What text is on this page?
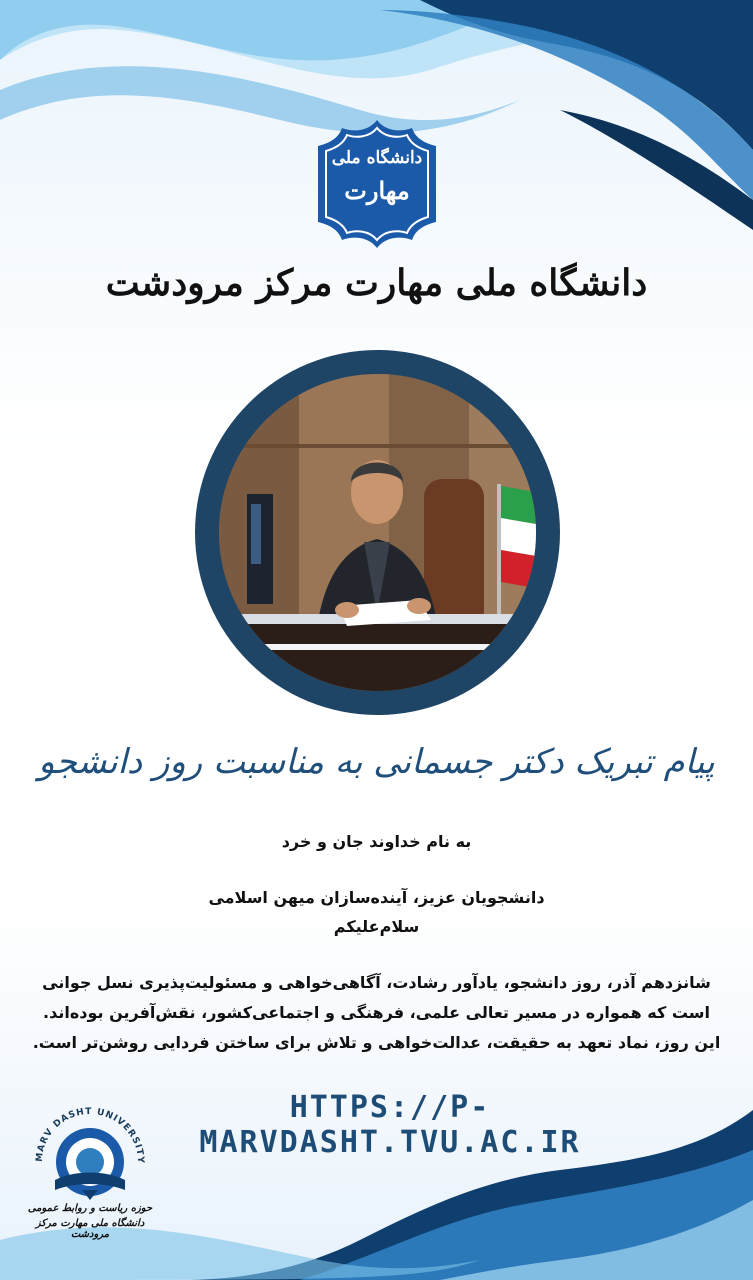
دانشگاه ملی
مهارت
دانشگاه ملی مهارت مرکز مرودشت
پیام تبریک دکتر جسمانی به مناسبت روز دانشجو
به نام خداوند جان و خرد
دانشجویان عزیز، آینده‌سازان میهن اسلامی
سلام‌علیکم
شانزدهم آذر، روز دانشجو، یادآور رشادت، آگاهی‌خواهی و مسئولیت‌پذیری نسل جوانی است که همواره در مسیر تعالی علمی، فرهنگی و اجتماعی‌کشور، نقش‌آفرین بوده‌اند. این روز، نماد تعهد به حقیقت، عدالت‌خواهی و تلاش برای ساختن فردایی روشن‌تر است.
HTTPS://P-MARVDASHT.TVU.AC.IR
MARV DASHT UNIVERSITY
حوزه ریاست و روابط عمومی
دانشگاه ملی مهارت مرکز مرودشت
